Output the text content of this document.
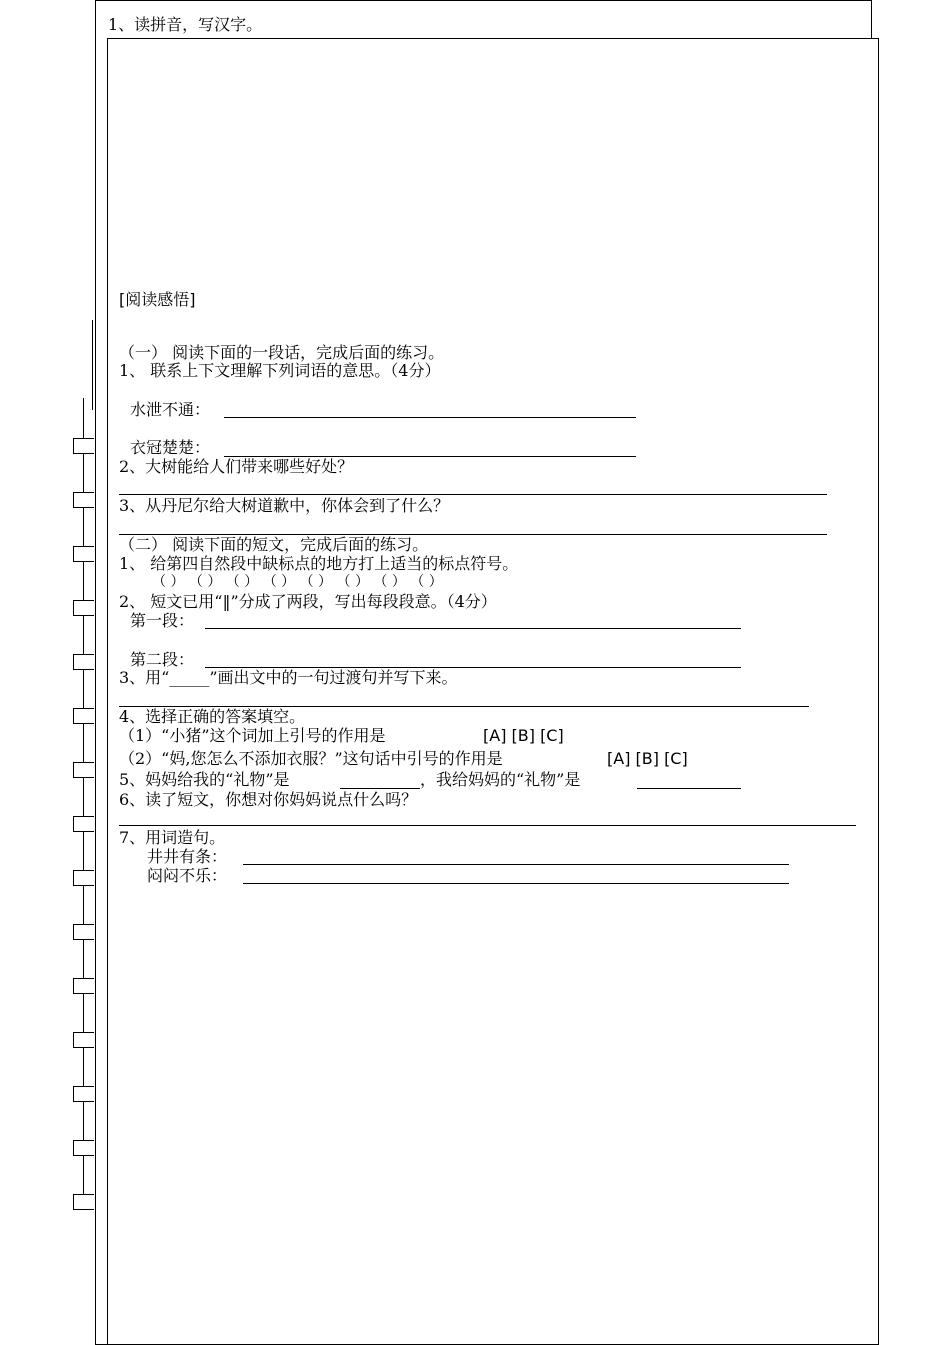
1、读拼音，写汉字。
[阅读感悟]
（一） 阅读下面的一段话，完成后面的练习。
1、 联系上下文理解下列词语的意思。（4分）
水泄不通：
衣冠楚楚：
2、大树能给人们带来哪些好处？
3、从丹尼尔给大树道歉中，你体会到了什么？
（二） 阅读下面的短文，完成后面的练习。
1、 给第四自然段中缺标点的地方打上适当的标点符号。
（ ） （ ） （ ） （ ） （ ） （ ） （ ） （ ）
2、 短文已用“‖”分成了两段，写出每段段意。（4分）
第一段：
第二段：
3、用“_____”画出文中的一句过渡句并写下来。
4、选择正确的答案填空。
（1）“小猪”这个词加上引号的作用是	[A] [B] [C]
（2）“妈,您怎么不添加衣服？”这句话中引号的作用是	[A] [B] [C]
5、妈妈给我的“礼物”是	，我给妈妈的“礼物”是
6、读了短文，你想对你妈妈说点什么吗？
7、用词造句。
井井有条：
闷闷不乐：
